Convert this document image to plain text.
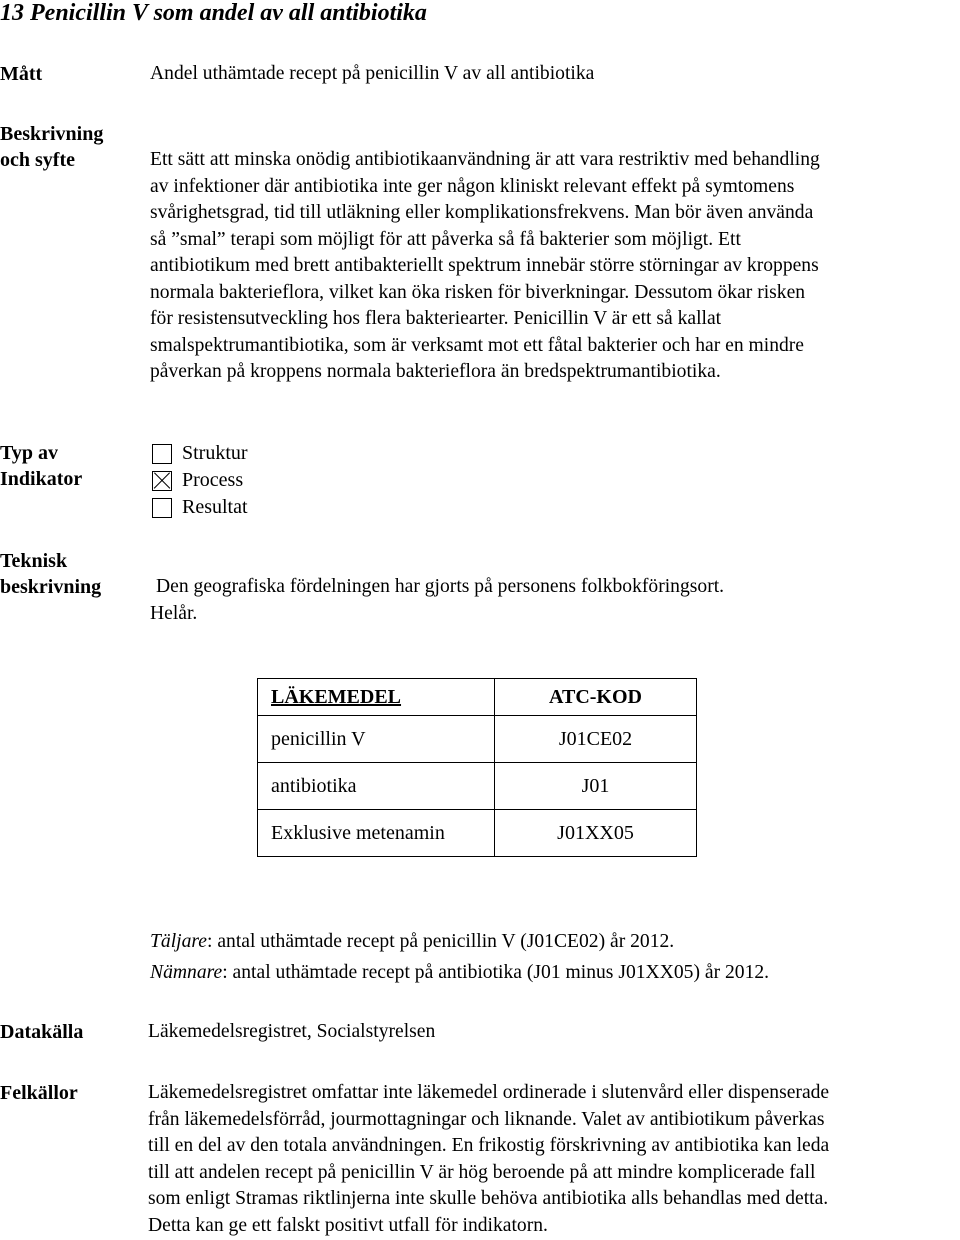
13 Penicillin V som andel av all antibiotika
Mått	Andel uthämtade recept på penicillin V av all antibiotika
Beskrivning
och syfte	Ett sätt att minska onödig antibiotikaanvändning är att vara restriktiv med behandling
av infektioner där antibiotika inte ger någon kliniskt relevant effekt på symtomens
svårighetsgrad, tid till utläkning eller komplikationsfrekvens. Man bör även använda
så ”smal” terapi som möjligt för att påverka så få bakterier som möjligt. Ett
antibiotikum med brett antibakteriellt spektrum innebär större störningar av kroppens
normala bakterieflora, vilket kan öka risken för biverkningar. Dessutom ökar risken
för resistensutveckling hos flera bakteriearter. Penicillin V är ett så kallat
smalspektrumantibiotika, som är verksamt mot ett fåtal bakterier och har en mindre
påverkan på kroppens normala bakterieflora än bredspektrumantibiotika.
Typ av
Indikator
Struktur
Process
Resultat
Teknisk
beskrivning	Den geografiska fördelningen har gjorts på personens folkbokföringsort.
Helår.
LÄKEMEDEL	ATC-KOD
penicillin V	J01CE02
antibiotika	J01
Exklusive metenamin	J01XX05
Täljare: antal uthämtade recept på penicillin V (J01CE02) år 2012.
Nämnare: antal uthämtade recept på antibiotika (J01 minus J01XX05) år 2012.
Datakälla	Läkemedelsregistret, Socialstyrelsen
Felkällor	Läkemedelsregistret omfattar inte läkemedel ordinerade i slutenvård eller dispenserade
från läkemedelsförråd, jourmottagningar och liknande. Valet av antibiotikum påverkas
till en del av den totala användningen. En frikostig förskrivning av antibiotika kan leda
till att andelen recept på penicillin V är hög beroende på att mindre komplicerade fall
som enligt Stramas riktlinjerna inte skulle behöva antibiotika alls behandlas med detta.
Detta kan ge ett falskt positivt utfall för indikatorn.
